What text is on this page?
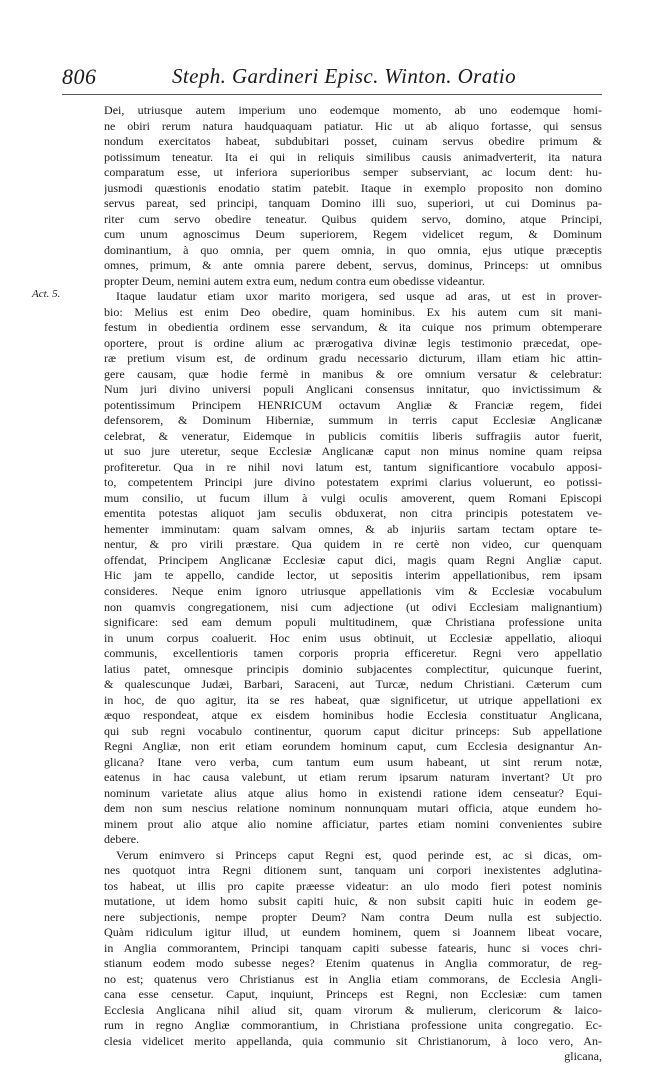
806	Steph. Gardineri Episc. Winton. Oratio
Act. 5.
Dei, utriusque autem imperium uno eodemque momento, ab uno eodemque homi-
ne obiri rerum natura haudquaquam patiatur. Hic ut ab aliquo fortasse, qui sensus
nondum exercitatos habeat, subdubitari posset, cuinam servus obedire primum &
potissimum teneatur. Ita ei qui in reliquis similibus causis animadverterit, ita natura
comparatum esse, ut inferiora superioribus semper subserviant, ac locum dent: hu-
jusmodi quæstionis enodatio statim patebit. Itaque in exemplo proposito non domino
servus pareat, sed principi, tanquam Domino illi suo, superiori, ut cui Dominus pa-
riter cum servo obedire teneatur. Quibus quidem servo, domino, atque Principi,
cum unum agnoscimus Deum superiorem, Regem videlicet regum, & Dominum
dominantium, à quo omnia, per quem omnia, in quo omnia, ejus utique præceptis
omnes, primum, & ante omnia parere debent, servus, dominus, Princeps: ut omnibus
propter Deum, nemini autem extra eum, nedum contra eum obedisse videantur.
Itaque laudatur etiam uxor marito morigera, sed usque ad aras, ut est in prover-
bio: Melius est enim Deo obedire, quam hominibus. Ex his autem cum sit mani-
festum in obedientia ordinem esse servandum, & ita cuique nos primum obtemperare
oportere, prout is ordine alium ac prærogativa divinæ legis testimonio præcedat, ope-
ræ pretium visum est, de ordinum gradu necessario dicturum, illam etiam hic attin-
gere causam, quæ hodie fermè in manibus & ore omnium versatur & celebratur:
Num juri divino universi populi Anglicani consensus innitatur, quo invictissimum &
potentissimum Principem HENRICUM octavum Angliæ & Franciæ regem, fidei
defensorem, & Dominum Hiberniæ, summum in terris caput Ecclesiæ Anglicanæ
celebrat, & veneratur, Eidemque in publicis comitiis liberis suffragiis autor fuerit,
ut suo jure uteretur, seque Ecclesiæ Anglicanæ caput non minus nomine quam reipsa
profiteretur. Qua in re nihil novi latum est, tantum significantiore vocabulo apposi-
to, competentem Principi jure divino potestatem exprimi clarius voluerunt, eo potissi-
mum consilio, ut fucum illum à vulgi oculis amoverent, quem Romani Episcopi
ementita potestas aliquot jam seculis obduxerat, non citra principis potestatem ve-
hementer imminutam: quam salvam omnes, & ab injuriis sartam tectam optare te-
nentur, & pro virili præstare. Qua quidem in re certè non video, cur quenquam
offendat, Principem Anglicanæ Ecclesiæ caput dici, magis quam Regni Angliæ caput.
Hic jam te appello, candide lector, ut sepositis interim appellationibus, rem ipsam
consideres. Neque enim ignoro utriusque appellationis vim & Ecclesiæ vocabulum
non quamvis congregationem, nisi cum adjectione (ut odivi Ecclesiam malignantium)
significare: sed eam demum populi multitudinem, quæ Christiana professione unita
in unum corpus coaluerit. Hoc enim usus obtinuit, ut Ecclesiæ appellatio, alioqui
communis, excellentioris tamen corporis propria efficeretur. Regni vero appellatio
latius patet, omnesque principis dominio subjacentes complectitur, quicunque fuerint,
& qualescunque Judæi, Barbari, Saraceni, aut Turcæ, nedum Christiani. Cæterum cum
in hoc, de quo agitur, ita se res habeat, quæ significetur, ut utrique appellationi ex
æquo respondeat, atque ex eisdem hominibus hodie Ecclesia constituatur Anglicana,
qui sub regni vocabulo continentur, quorum caput dicitur princeps: Sub appellatione
Regni Angliæ, non erit etiam eorundem hominum caput, cum Ecclesia designantur An-
glicana? Itane vero verba, cum tantum eum usum habeant, ut sint rerum notæ,
eatenus in hac causa valebunt, ut etiam rerum ipsarum naturam invertant? Ut pro
nominum varietate alius atque alius homo in existendi ratione idem censeatur? Equi-
dem non sum nescius relatione nominum nonnunquam mutari officia, atque eundem ho-
minem prout alio atque alio nomine afficiatur, partes etiam nomini convenientes subire
debere.
Verum enimvero si Princeps caput Regni est, quod perinde est, ac si dicas, om-
nes quotquot intra Regni ditionem sunt, tanquam uni corpori inexistentes adglutina-
tos habeat, ut illis pro capite præesse videatur: an ulo modo fieri potest nominis
mutatione, ut idem homo subsit capiti huic, & non subsit capiti huic in eodem ge-
nere subjectionis, nempe propter Deum? Nam contra Deum nulla est subjectio.
Quàm ridiculum igitur illud, ut eundem hominem, quem si Joannem libeat vocare,
in Anglia commorantem, Principi tanquam capiti subesse fatearis, hunc si voces chri-
stianum eodem modo subesse neges? Etenim quatenus in Anglia commoratur, de reg-
no est; quatenus vero Christianus est in Anglia etiam commorans, de Ecclesia Angli-
cana esse censetur. Caput, inquiunt, Princeps est Regni, non Ecclesiæ: cum tamen
Ecclesia Anglicana nihil aliud sit, quam virorum & mulierum, clericorum & laico-
rum in regno Angliæ commorantium, in Christiana professione unita congregatio. Ec-
clesia videlicet merito appellanda, quia communio sit Christianorum, à loco vero, An-
glicana,
